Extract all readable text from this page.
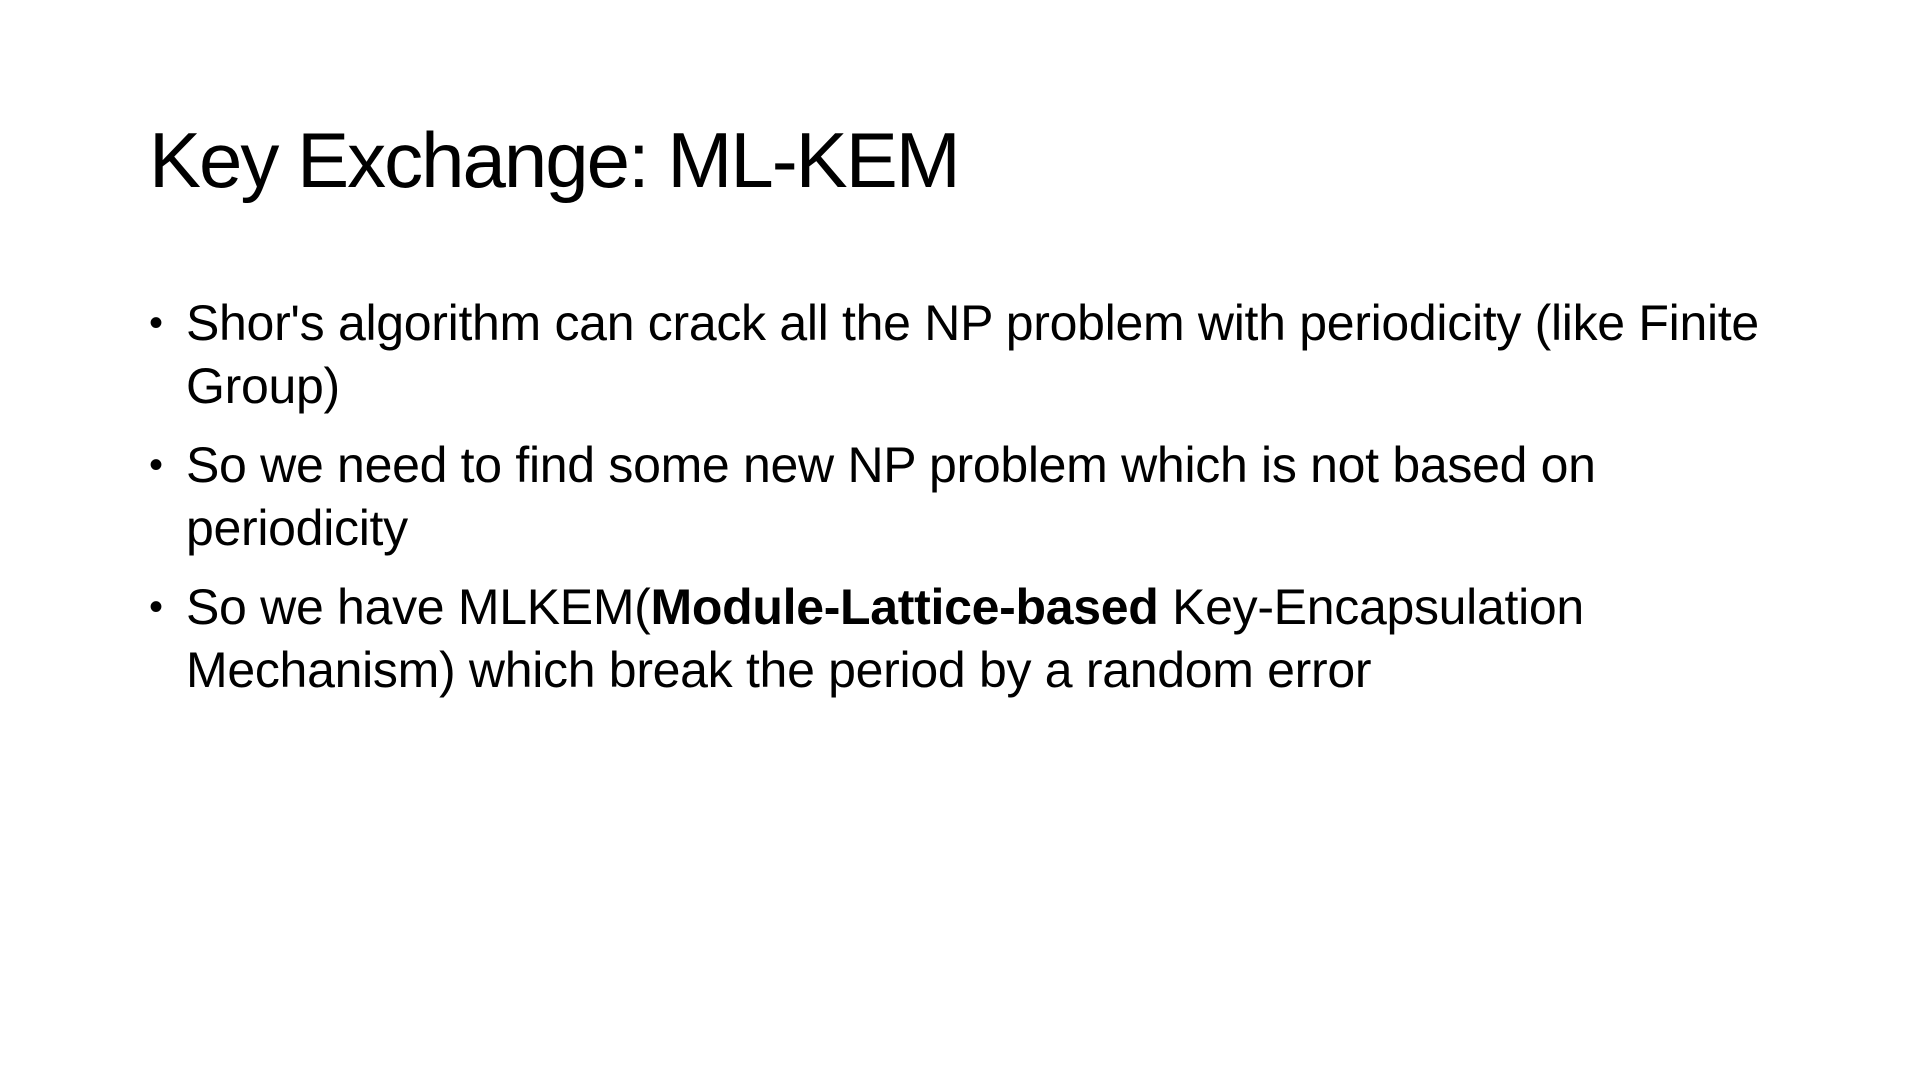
Key Exchange: ML-KEM
• Shor's algorithm can crack all the NP problem with periodicity (like Finite Group)
• So we need to find some new NP problem which is not based on periodicity
• So we have MLKEM(Module-Lattice-based Key-Encapsulation Mechanism) which break the period by a random error
